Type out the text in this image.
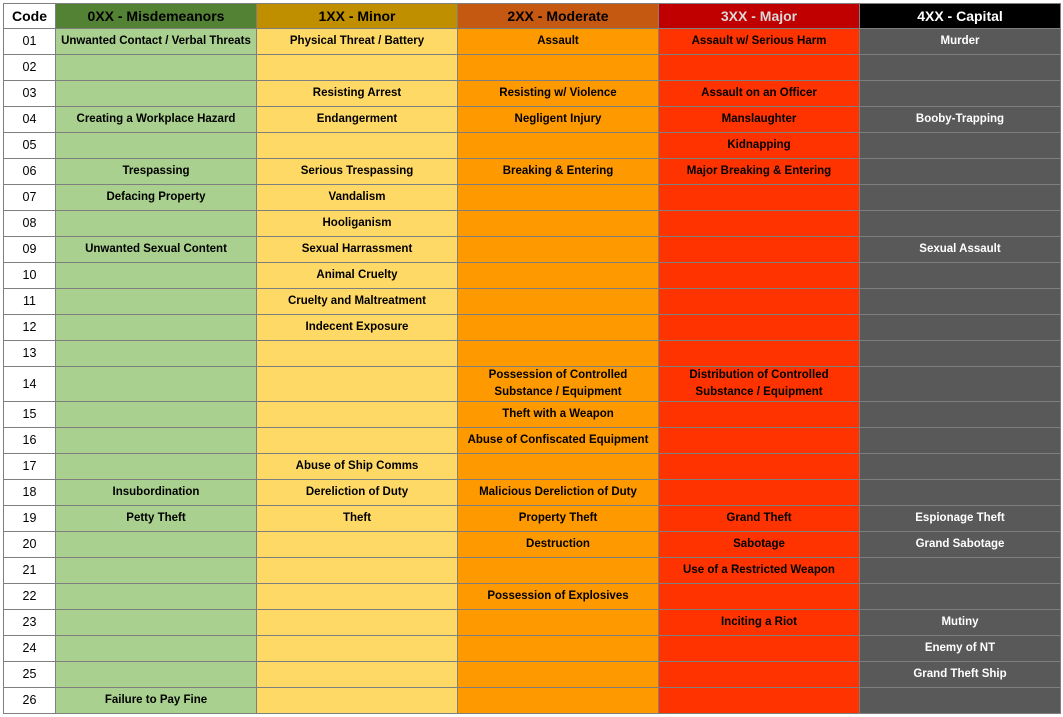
Code	0XX - Misdemeanors	1XX - Minor	2XX - Moderate	3XX - Major	4XX - Capital
01	Unwanted Contact / Verbal Threats	Physical Threat / Battery	Assault	Assault w/ Serious Harm	Murder
02					
03		Resisting Arrest	Resisting w/ Violence	Assault on an Officer	
04	Creating a Workplace Hazard	Endangerment	Negligent Injury	Manslaughter	Booby-Trapping
05				Kidnapping	
06	Trespassing	Serious Trespassing	Breaking & Entering	Major Breaking & Entering	
07	Defacing Property	Vandalism			
08		Hooliganism			
09	Unwanted Sexual Content	Sexual Harrassment			Sexual Assault
10		Animal Cruelty			
11		Cruelty and Maltreatment			
12		Indecent Exposure			
13					
14			Possession of Controlled Substance / Equipment	Distribution of Controlled Substance / Equipment	
15			Theft with a Weapon		
16			Abuse of Confiscated Equipment		
17		Abuse of Ship Comms			
18	Insubordination	Dereliction of Duty	Malicious Dereliction of Duty		
19	Petty Theft	Theft	Property Theft	Grand Theft	Espionage Theft
20			Destruction	Sabotage	Grand Sabotage
21				Use of a Restricted Weapon	
22			Possession of Explosives		
23				Inciting a Riot	Mutiny
24					Enemy of NT
25					Grand Theft Ship
26	Failure to Pay Fine				
